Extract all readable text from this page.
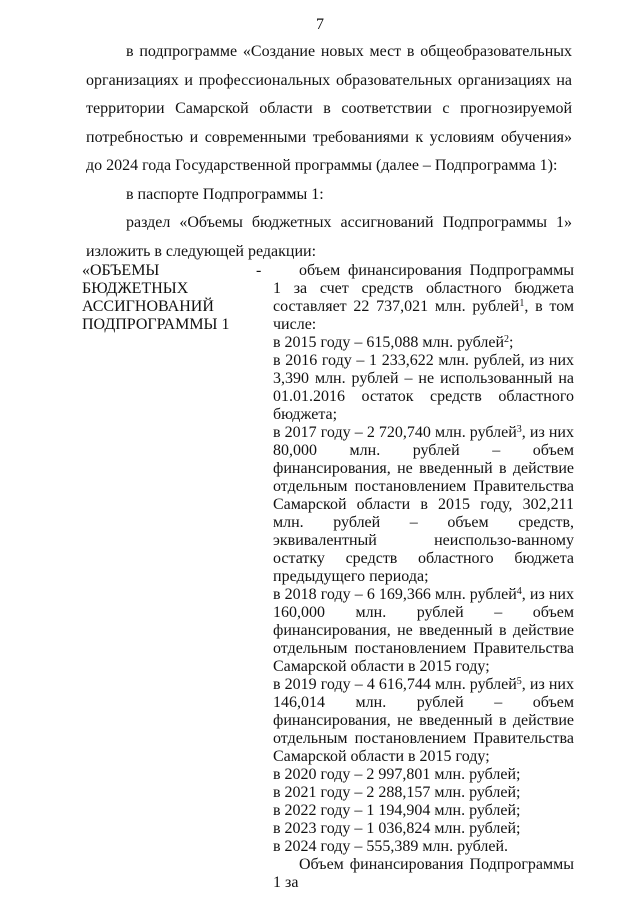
7

в подпрограмме «Создание новых мест в общеобразовательных организациях и профессиональных образовательных организациях на территории Самарской области в соответствии с прогнозируемой потребностью и современными требованиями к условиям обучения» до 2024 года Государственной программы (далее – Подпрограмма 1):

в паспорте Подпрограммы 1:

раздел «Объемы бюджетных ассигнований Подпрограммы 1» изложить в следующей редакции:

«ОБЪЕМЫ
БЮДЖЕТНЫХ
АССИГНОВАНИЙ
ПОДПРОГРАММЫ 1
-	объем финансирования Подпрограммы 1 за счет средств областного бюджета составляет 22 737,021 млн. рублей$^1$, в том числе:

в 2015 году – 615,088 млн. рублей$^2$;

в 2016 году – 1 233,622 млн. рублей, из них 3,390 млн. рублей – не использованный на 01.01.2016 остаток средств областного бюджета;

в 2017 году – 2 720,740 млн. рублей$^3$, из них 80,000 млн. рублей – объем финансирования, не введенный в действие отдельным постановлением Правительства Самарской области в 2015 году, 302,211 млн. рублей – объем средств, эквивалентный неиспользо-ванному остатку средств областного бюджета предыдущего периода;

в 2018 году – 6 169,366 млн. рублей$^4$, из них 160,000 млн. рублей – объем финансирования, не введенный в действие отдельным постановлением Правительства Самарской области в 2015 году;

в 2019 году – 4 616,744 млн. рублей$^5$, из них 146,014 млн. рублей – объем финансирования, не введенный в действие отдельным постановлением Правительства Самарской области в 2015 году;

в 2020 году – 2 997,801 млн. рублей;

в 2021 году – 2 288,157 млн. рублей;

в 2022 году – 1 194,904 млн. рублей;

в 2023 году – 1 036,824 млн. рублей;

в 2024 году – 555,389 млн. рублей.

Объем финансирования Подпрограммы 1 за
